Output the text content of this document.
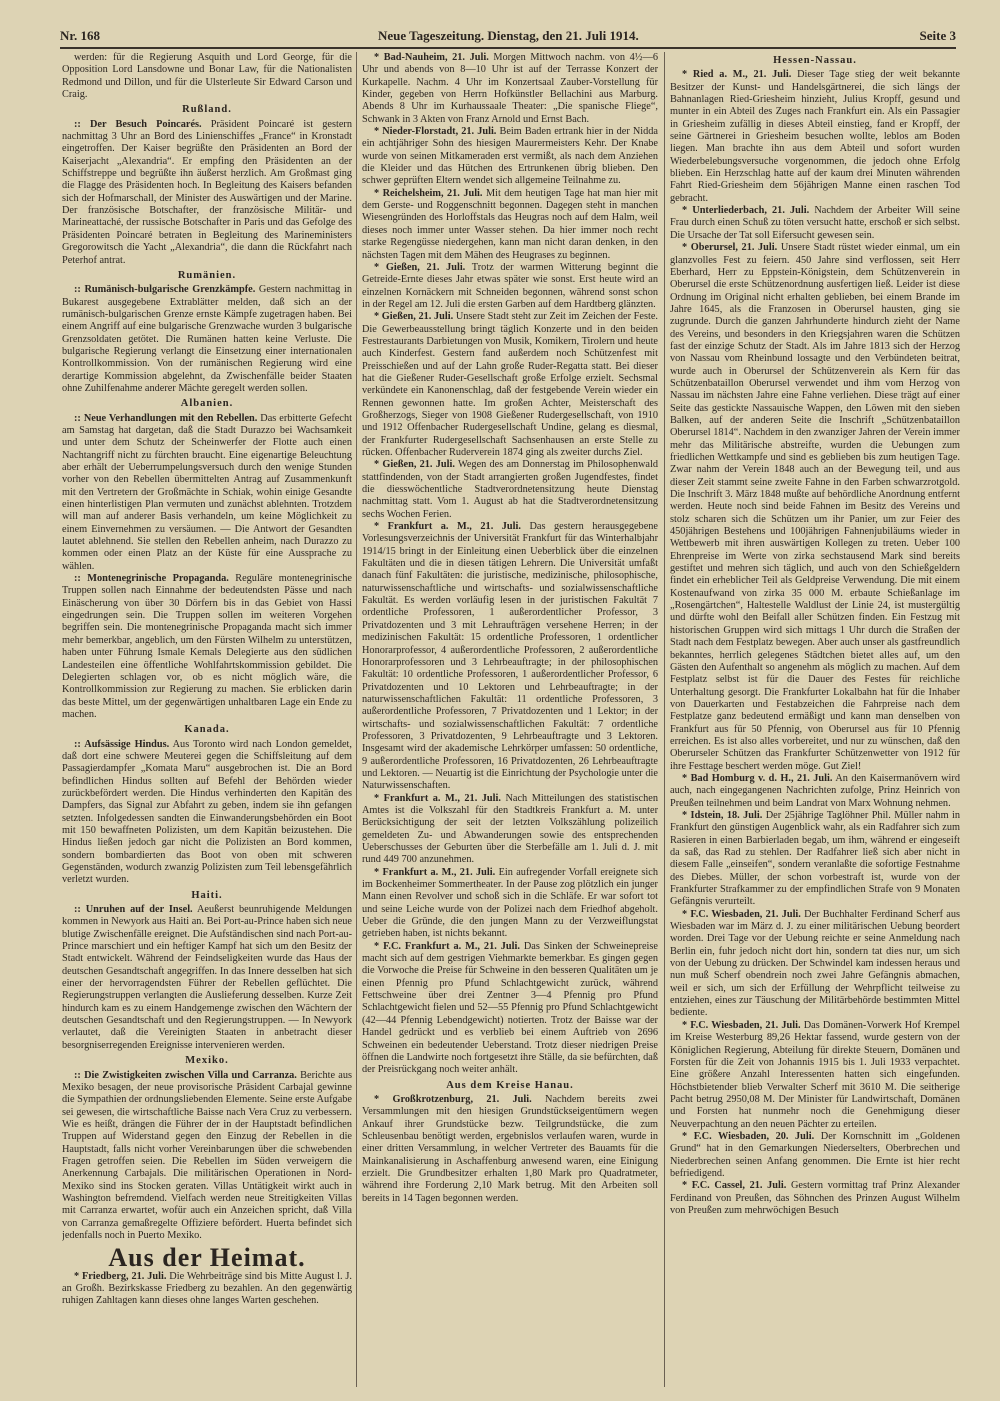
Nr. 168	Neue Tageszeitung. Dienstag, den 21. Juli 1914.	Seite 3

werden: für die Regierung Asquith und Lord George, für die Opposition Lord Lansdowne und Bonar Law, für die Nationalisten Redmond und Dillon, und für die Ulsterleute Sir Edward Carson und Craig.

Rußland.

:: Der Besuch Poincarés. Präsident Poincaré ist gestern nachmittag 3 Uhr an Bord des Linienschiffes „France“ in Kronstadt eingetroffen. Der Kaiser begrüßte den Präsidenten an Bord der Kaiserjacht „Alexandria“. Er empfing den Präsidenten an der Schiffstreppe und begrüßte ihn äußerst herzlich. Am Großmast ging die Flagge des Präsidenten hoch. In Begleitung des Kaisers befanden sich der Hofmarschall, der Minister des Auswärtigen und der Marine. Der französische Botschafter, der französische Militär- und Marineattaché, der russische Botschafter in Paris und das Gefolge des Präsidenten Poincaré betraten in Begleitung des Marineministers Gregorowitsch die Yacht „Alexandria“, die dann die Rückfahrt nach Peterhof antrat.

Rumänien.

:: Rumänisch-bulgarische Grenzkämpfe. Gestern nachmittag in Bukarest ausgegebene Extrablätter melden, daß sich an der rumänisch-bulgarischen Grenze ernste Kämpfe zugetragen haben. Bei einem Angriff auf eine bulgarische Grenzwache wurden 3 bulgarische Grenzsoldaten getötet. Die Rumänen hatten keine Verluste. Die bulgarische Regierung verlangt die Einsetzung einer internationalen Kontrollkommission. Von der rumänischen Regierung wird eine derartige Kommission abgelehnt, da Zwischenfälle beider Staaten ohne Zuhilfenahme anderer Mächte geregelt werden sollen.

Albanien.

:: Neue Verhandlungen mit den Rebellen. Das erbitterte Gefecht am Samstag hat dargetan, daß die Stadt Durazzo bei Wachsamkeit und unter dem Schutz der Scheinwerfer der Flotte auch einen Nachtangriff nicht zu fürchten braucht. Eine eigenartige Beleuchtung aber erhält der Ueberrumpelungsversuch durch den wenige Stunden vorher von den Rebellen übermittelten Antrag auf Zusammenkunft mit den Vertretern der Großmächte in Schiak, wohin einige Gesandte einen hinterlistigen Plan vermuten und zunächst ablehnten. Trotzdem will man auf anderer Basis verhandeln, um keine Möglichkeit zu einem Einvernehmen zu versäumen. — Die Antwort der Gesandten lautet ablehnend. Sie stellen den Rebellen anheim, nach Durazzo zu kommen oder einen Platz an der Küste für eine Aussprache zu wählen.

:: Montenegrinische Propaganda. Reguläre montenegrinische Truppen sollen nach Einnahme der bedeutendsten Pässe und nach Einäscherung von über 30 Dörfern bis in das Gebiet von Hassi eingedrungen sein. Die Truppen sollen im weiteren Vorgehen begriffen sein. Die montenegrinische Propaganda macht sich immer mehr bemerkbar, angeblich, um den Fürsten Wilhelm zu unterstützen, haben unter Führung Ismale Kemals Delegierte aus den südlichen Landesteilen eine öffentliche Wohlfahrtskommission gebildet. Die Delegierten schlagen vor, ob es nicht möglich wäre, die Kontrollkommission zur Regierung zu machen. Sie erblicken darin das beste Mittel, um der gegenwärtigen unhaltbaren Lage ein Ende zu machen.

Kanada.

:: Aufsässige Hindus. Aus Toronto wird nach London gemeldet, daß dort eine schwere Meuterei gegen die Schiffsleitung auf dem Passagierdampfer „Komata Maru“ ausgebrochen ist. Die an Bord befindlichen Hindus sollten auf Befehl der Behörden wieder zurückbefördert werden. Die Hindus verhinderten den Kapitän des Dampfers, das Signal zur Abfahrt zu geben, indem sie ihn gefangen setzten. Infolgedessen sandten die Einwanderungsbehörden ein Boot mit 150 bewaffneten Polizisten, um dem Kapitän beizustehen. Die Hindus ließen jedoch gar nicht die Polizisten an Bord kommen, sondern bombardierten das Boot von oben mit schweren Gegenständen, wodurch zwanzig Polizisten zum Teil lebensgefährlich verletzt wurden.

Haiti.

:: Unruhen auf der Insel. Aeußerst beunruhigende Meldungen kommen in Newyork aus Haiti an. Bei Port-au-Prince haben sich neue blutige Zwischenfälle ereignet. Die Aufständischen sind nach Port-au-Prince marschiert und ein heftiger Kampf hat sich um den Besitz der Stadt entwickelt. Während der Feindseligkeiten wurde das Haus der deutschen Gesandtschaft angegriffen. In das Innere desselben hat sich einer der hervorragendsten Führer der Rebellen geflüchtet. Die Regierungstruppen verlangten die Auslieferung desselben. Kurze Zeit hindurch kam es zu einem Handgemenge zwischen den Wächtern der deutschen Gesandtschaft und den Regierungstruppen. — In Newyork verlautet, daß die Vereinigten Staaten in anbetracht dieser besorgniserregenden Ereignisse intervenieren werden.

Mexiko.

:: Die Zwistigkeiten zwischen Villa und Carranza. Berichte aus Mexiko besagen, der neue provisorische Präsident Carbajal gewinne die Sympathien der ordnungsliebenden Elemente. Seine erste Aufgabe sei gewesen, die wirtschaftliche Baisse nach Vera Cruz zu verbessern. Wie es heißt, drängen die Führer der in der Hauptstadt befindlichen Truppen auf Widerstand gegen den Einzug der Rebellen in die Hauptstadt, falls nicht vorher Vereinbarungen über die schwebenden Fragen getroffen seien. Die Rebellen im Süden verweigern die Anerkennung Carbajals. Die militärischen Operationen in Nord-Mexiko sind ins Stocken geraten. Villas Untätigkeit wirkt auch in Washington befremdend. Vielfach werden neue Streitigkeiten Villas mit Carranza erwartet, wofür auch ein Anzeichen spricht, daß Villa von Carranza gemaßregelte Offiziere befördert. Huerta befindet sich jedenfalls noch in Puerto Mexiko.

Aus der Heimat.

* Friedberg, 21. Juli. Die Wehrbeiträge sind bis Mitte August l. J. an Großh. Bezirkskasse Friedberg zu bezahlen. An den gegenwärtig ruhigen Zahltagen kann dieses ohne langes Warten geschehen.

* Bad-Nauheim, 21. Juli. Morgen Mittwoch nachm. von 4½—6 Uhr und abends von 8—10 Uhr ist auf der Terrasse Konzert der Kurkapelle. Nachm. 4 Uhr im Konzertsaal Zauber-Vorstellung für Kinder, gegeben von Herrn Hofkünstler Bellachini aus Marburg. Abends 8 Uhr im Kurhaussaale Theater: „Die spanische Fliege“, Schwank in 3 Akten von Franz Arnold und Ernst Bach.

* Nieder-Florstadt, 21. Juli. Beim Baden ertrank hier in der Nidda ein achtjähriger Sohn des hiesigen Maurermeisters Kehr. Der Knabe wurde von seinen Mitkameraden erst vermißt, als nach dem Anziehen die Kleider und das Hütchen des Ertrunkenen übrig blieben. Den schwer geprüften Eltern wendet sich allgemeine Teilnahme zu.

* Reichelsheim, 21. Juli. Mit dem heutigen Tage hat man hier mit dem Gerste- und Roggenschnitt begonnen. Dagegen steht in manchen Wiesengründen des Horloffstals das Heugras noch auf dem Halm, weil dieses noch immer unter Wasser stehen. Da hier immer noch recht starke Regengüsse niedergehen, kann man nicht daran denken, in den nächsten Tagen mit dem Mähen des Heugrases zu beginnen.

* Gießen, 21. Juli. Trotz der warmen Witterung beginnt die Getreide-Ernte dieses Jahr etwas später wie sonst. Erst heute wird an einzelnen Kornäckern mit Schneiden begonnen, während sonst schon in der Regel am 12. Juli die ersten Garben auf dem Hardtberg glänzten.

* Gießen, 21. Juli. Unsere Stadt steht zur Zeit im Zeichen der Feste. Die Gewerbeausstellung bringt täglich Konzerte und in den beiden Festrestaurants Darbietungen von Musik, Komikern, Tirolern und heute auch Kinderfest. Gestern fand außerdem noch Schützenfest mit Preisschießen und auf der Lahn große Ruder-Regatta statt. Bei dieser hat die Gießener Ruder-Gesellschaft große Erfolge erzielt. Sechsmal verkündete ein Kanonenschlag, daß der festgebende Verein wieder ein Rennen gewonnen hatte. Im großen Achter, Meisterschaft des Großherzogs, Sieger von 1908 Gießener Rudergesellschaft, von 1910 und 1912 Offenbacher Rudergesellschaft Undine, gelang es diesmal, der Frankfurter Rudergesellschaft Sachsenhausen an erste Stelle zu rücken. Offenbacher Ruderverein 1874 ging als zweiter durchs Ziel.

* Gießen, 21. Juli. Wegen des am Donnerstag im Philosophenwald stattfindenden, von der Stadt arrangierten großen Jugendfestes, findet die diesswöchentliche Stadtverordnetensitzung heute Dienstag nachmittag statt. Vom 1. August ab hat die Stadtverordnetensitzung sechs Wochen Ferien.

* Frankfurt a. M., 21. Juli. Das gestern herausgegebene Vorlesungsverzeichnis der Universität Frankfurt für das Winterhalbjahr 1914/15 bringt in der Einleitung einen Ueberblick über die einzelnen Fakultäten und die in diesen tätigen Lehrern. Die Universität umfaßt danach fünf Fakultäten: die juristische, medizinische, philosophische, naturwissenschaftliche und wirtschafts- und sozialwissenschaftliche Fakultät. Es werden vorläufig lesen in der juristischen Fakultät 7 ordentliche Professoren, 1 außerordentlicher Professor, 3 Privatdozenten und 3 mit Lehraufträgen versehene Herren; in der medizinischen Fakultät: 15 ordentliche Professoren, 1 ordentlicher Honorarprofessor, 4 außerordentliche Professoren, 2 außerordentliche Honorarprofessoren und 3 Lehrbeauftragte; in der philosophischen Fakultät: 10 ordentliche Professoren, 1 außerordentlicher Professor, 6 Privatdozenten und 10 Lektoren und Lehrbeauftragte; in der naturwissenschaftlichen Fakultät: 11 ordentliche Professoren, 3 außerordentliche Professoren, 7 Privatdozenten und 1 Lektor; in der wirtschafts- und sozialwissenschaftlichen Fakultät: 7 ordentliche Professoren, 3 Privatdozenten, 9 Lehrbeauftragte und 3 Lektoren. Insgesamt wird der akademische Lehrkörper umfassen: 50 ordentliche, 9 außerordentliche Professoren, 16 Privatdozenten, 26 Lehrbeauftragte und Lektoren. — Neuartig ist die Einrichtung der Psychologie unter die Naturwissenschaften.

* Frankfurt a. M., 21. Juli. Nach Mitteilungen des statistischen Amtes ist die Volkszahl für den Stadtkreis Frankfurt a. M. unter Berücksichtigung der seit der letzten Volkszählung polizeilich gemeldeten Zu- und Abwanderungen sowie des entsprechenden Ueberschusses der Geburten über die Sterbefälle am 1. Juli d. J. mit rund 449 700 anzunehmen.

* Frankfurt a. M., 21. Juli. Ein aufregender Vorfall ereignete sich im Bockenheimer Sommertheater. In der Pause zog plötzlich ein junger Mann einen Revolver und schoß sich in die Schläfe. Er war sofort tot und seine Leiche wurde von der Polizei nach dem Friedhof abgeholt. Ueber die Gründe, die den jungen Mann zu der Verzweiflungstat getrieben haben, ist nichts bekannt.

* F.C. Frankfurt a. M., 21. Juli. Das Sinken der Schweinepreise macht sich auf dem gestrigen Viehmarkte bemerkbar. Es gingen gegen die Vorwoche die Preise für Schweine in den besseren Qualitäten um je einen Pfennig pro Pfund Schlachtgewicht zurück, während Fettschweine über drei Zentner 3—4 Pfennig pro Pfund Schlachtgewicht fielen und 52—55 Pfennig pro Pfund Schlachtgewicht (42—44 Pfennig Lebendgewicht) notierten. Trotz der Baisse war der Handel gedrückt und es verblieb bei einem Auftrieb von 2696 Schweinen ein bedeutender Ueberstand. Trotz dieser niedrigen Preise öffnen die Landwirte noch fortgesetzt ihre Ställe, da sie befürchten, daß der Preisrückgang noch weiter anhält.

Aus dem Kreise Hanau.

* Großkrotzenburg, 21. Juli. Nachdem bereits zwei Versammlungen mit den hiesigen Grundstückseigentümern wegen Ankauf ihrer Grundstücke bezw. Teilgrundstücke, die zum Schleusenbau benötigt werden, ergebnislos verlaufen waren, wurde in einer dritten Versammlung, in welcher Vertreter des Bauamts für die Mainkanalisierung in Aschaffenburg anwesend waren, eine Einigung erzielt. Die Grundbesitzer erhalten 1,80 Mark pro Quadratmeter, während ihre Forderung 2,10 Mark betrug. Mit den Arbeiten soll bereits in 14 Tagen begonnen werden.

Hessen-Nassau.

* Ried a. M., 21. Juli. Dieser Tage stieg der weit bekannte Besitzer der Kunst- und Handelsgärtnerei, die sich längs der Bahnanlagen Ried-Griesheim hinzieht, Julius Kropff, gesund und munter in ein Abteil des Zuges nach Frankfurt ein. Als ein Passagier in Griesheim zufällig in dieses Abteil einstieg, fand er Kropff, der seine Gärtnerei in Griesheim besuchen wollte, leblos am Boden liegen. Man brachte ihn aus dem Abteil und sofort wurden Wiederbelebungsversuche vorgenommen, die jedoch ohne Erfolg blieben. Ein Herzschlag hatte auf der kaum drei Minuten währenden Fahrt Ried-Griesheim dem 56jährigen Manne einen raschen Tod gebracht.

* Unterliederbach, 21. Juli. Nachdem der Arbeiter Will seine Frau durch einen Schuß zu töten versucht hatte, erschoß er sich selbst. Die Ursache der Tat soll Eifersucht gewesen sein.

* Oberursel, 21. Juli. Unsere Stadt rüstet wieder einmal, um ein glanzvolles Fest zu feiern. 450 Jahre sind verflossen, seit Herr Eberhard, Herr zu Eppstein-Königstein, dem Schützenverein in Oberursel die erste Schützenordnung ausfertigen ließ. Leider ist diese Ordnung im Original nicht erhalten geblieben, bei einem Brande im Jahre 1645, als die Franzosen in Oberursel hausten, ging sie zugrunde. Durch die ganzen Jahrhunderte hindurch zieht der Name des Vereins, und besonders in den Kriegsjahren waren die Schützen fast der einzige Schutz der Stadt. Als im Jahre 1813 sich der Herzog von Nassau vom Rheinbund lossagte und den Verbündeten beitrat, wurde auch in Oberursel der Schützenverein als Kern für das Schützenbataillon Oberursel verwendet und ihm vom Herzog von Nassau im nächsten Jahre eine Fahne verliehen. Diese trägt auf einer Seite das gestickte Nassauische Wappen, den Löwen mit den sieben Balken, auf der anderen Seite die Inschrift „Schützenbataillon Oberursel 1814“. Nachdem in den zwanziger Jahren der Verein immer mehr das Militärische abstreifte, wurden die Uebungen zum friedlichen Wettkampfe und sind es geblieben bis zum heutigen Tage. Zwar nahm der Verein 1848 auch an der Bewegung teil, und aus dieser Zeit stammt seine zweite Fahne in den Farben schwarzrotgold. Die Inschrift 3. März 1848 mußte auf behördliche Anordnung entfernt werden. Heute noch sind beide Fahnen im Besitz des Vereins und stolz scharen sich die Schützen um ihr Panier, um zur Feier des 450jährigen Bestehens und 100jährigen Fahnenjubiläums wieder in Wettbewerb mit ihren auswärtigen Kollegen zu treten. Ueber 100 Ehrenpreise im Werte von zirka sechstausend Mark sind bereits gestiftet und mehren sich täglich, und auch von den Schießgeldern findet ein erheblicher Teil als Geldpreise Verwendung. Die mit einem Kostenaufwand von zirka 35 000 M. erbaute Schießanlage im „Rosengärtchen“, Haltestelle Waldlust der Linie 24, ist mustergültig und dürfte wohl den Beifall aller Schützen finden. Ein Festzug mit historischen Gruppen wird sich mittags 1 Uhr durch die Straßen der Stadt nach dem Festplatz bewegen. Aber auch unser als gastfreundlich bekanntes, herrlich gelegenes Städtchen bietet alles auf, um den Gästen den Aufenthalt so angenehm als möglich zu machen. Auf dem Festplatz selbst ist für die Dauer des Festes für reichliche Unterhaltung gesorgt. Die Frankfurter Lokalbahn hat für die Inhaber von Dauerkarten und Festabzeichen die Fahrpreise nach dem Festplatze ganz bedeutend ermäßigt und kann man denselben von Frankfurt aus für 50 Pfennig, von Oberursel aus für 10 Pfennig erreichen. Es ist also alles vorbereitet, und nur zu wünschen, daß den Oberurseler Schützen das Frankfurter Schützenwetter von 1912 für ihre Festtage beschert werden möge. Gut Ziel!

* Bad Homburg v. d. H., 21. Juli. An den Kaisermanövern wird auch, nach eingegangenen Nachrichten zufolge, Prinz Heinrich von Preußen teilnehmen und beim Landrat von Marx Wohnung nehmen.

* Idstein, 18. Juli. Der 25jährige Taglöhner Phil. Müller nahm in Frankfurt den günstigen Augenblick wahr, als ein Radfahrer sich zum Rasieren in einen Barbierladen begab, um ihm, während er eingeseift da saß, das Rad zu stehlen. Der Radfahrer ließ sich aber nicht in diesem Falle „einseifen“, sondern veranlaßte die sofortige Festnahme des Diebes. Müller, der schon vorbestraft ist, wurde von der Frankfurter Strafkammer zu der empfindlichen Strafe von 9 Monaten Gefängnis verurteilt.

* F.C. Wiesbaden, 21. Juli. Der Buchhalter Ferdinand Scherf aus Wiesbaden war im März d. J. zu einer militärischen Uebung beordert worden. Drei Tage vor der Uebung reichte er seine Anmeldung nach Berlin ein, fuhr jedoch nicht dort hin, sondern tat dies nur, um sich von der Uebung zu drücken. Der Schwindel kam indessen heraus und nun muß Scherf obendrein noch zwei Jahre Gefängnis abmachen, weil er sich, um sich der Erfüllung der Wehrpflicht teilweise zu entziehen, eines zur Täuschung der Militärbehörde bestimmten Mittel bediente.

* F.C. Wiesbaden, 21. Juli. Das Domänen-Vorwerk Hof Krempel im Kreise Westerburg 89,26 Hektar fassend, wurde gestern von der Königlichen Regierung, Abteilung für direkte Steuern, Domänen und Forsten für die Zeit von Johannis 1915 bis 1. Juli 1933 verpachtet. Eine größere Anzahl Interessenten hatten sich eingefunden. Höchstbietender blieb Verwalter Scherf mit 3610 M. Die seitherige Pacht betrug 2950,08 M. Der Minister für Landwirtschaft, Domänen und Forsten hat nunmehr noch die Genehmigung dieser Neuverpachtung an den neuen Pächter zu erteilen.

* F.C. Wiesbaden, 20. Juli. Der Kornschnitt im „Goldenen Grund“ hat in den Gemarkungen Niederselters, Oberbrechen und Niederbrechen seinen Anfang genommen. Die Ernte ist hier recht befriedigend.

* F.C. Cassel, 21. Juli. Gestern vormittag traf Prinz Alexander Ferdinand von Preußen, das Söhnchen des Prinzen August Wilhelm von Preußen zum mehrwöchigen Besuch
